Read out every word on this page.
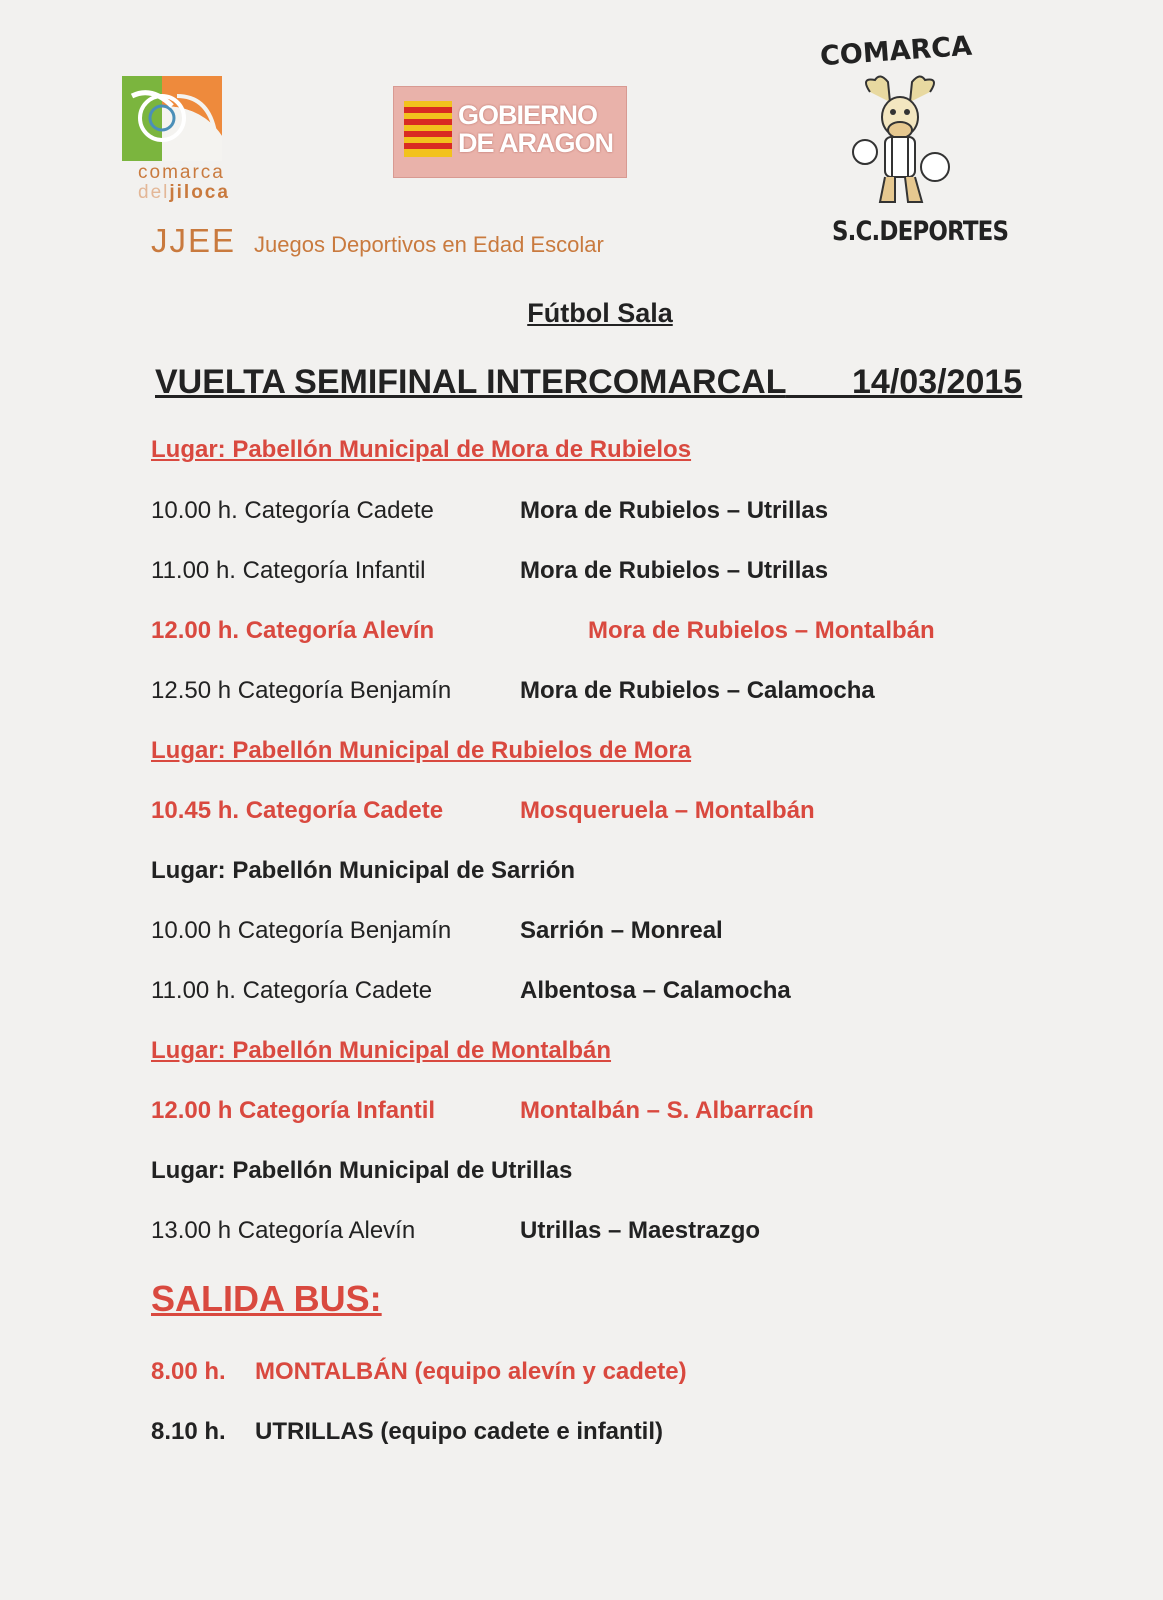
comarca
deljiloca
GOBIERNO
DE ARAGON
JJEE Juegos Deportivos en Edad Escolar
COMARCA
S.C.DEPORTES
Fútbol Sala
VUELTA SEMIFINAL INTERCOMARCAL 14/03/2015
Lugar: Pabellón Municipal de Mora de Rubielos
10.00 h. Categoría Cadete	Mora de Rubielos – Utrillas
11.00 h. Categoría Infantil	Mora de Rubielos – Utrillas
12.00 h. Categoría Alevín	Mora de Rubielos – Montalbán
12.50 h Categoría Benjamín	Mora de Rubielos – Calamocha
Lugar: Pabellón Municipal de Rubielos de Mora
10.45 h. Categoría Cadete	Mosqueruela – Montalbán
Lugar: Pabellón Municipal de Sarrión
10.00 h Categoría Benjamín	Sarrión – Monreal
11.00 h. Categoría Cadete	Albentosa – Calamocha
Lugar: Pabellón Municipal de Montalbán
12.00 h Categoría Infantil	Montalbán – S. Albarracín
Lugar: Pabellón Municipal de Utrillas
13.00 h Categoría Alevín	Utrillas – Maestrazgo
SALIDA BUS:
8.00 h. MONTALBÁN (equipo alevín y cadete)
8.10 h. UTRILLAS (equipo cadete e infantil)
